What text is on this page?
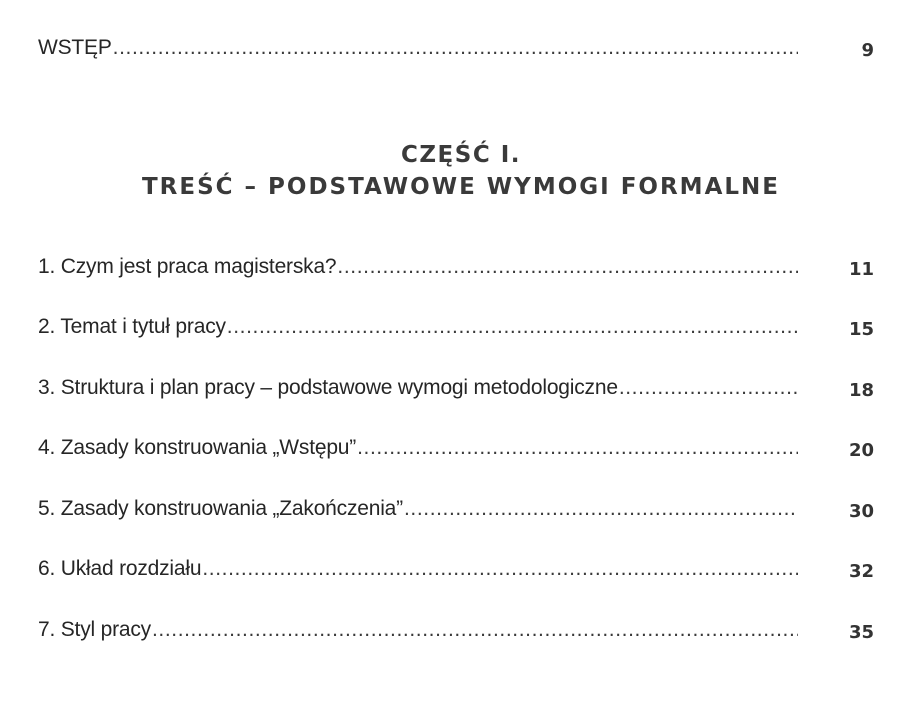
WSTĘP .....	9
CZĘŚĆ I.
TREŚĆ – PODSTAWOWE WYMOGI FORMALNE
1. Czym jest praca magisterska? .....	11
2. Temat i tytuł pracy .....	15
3. Struktura i plan pracy – podstawowe wymogi metodologiczne .....	18
4. Zasady konstruowania „Wstępu” .....	20
5. Zasady konstruowania „Zakończenia” .....	30
6. Układ rozdziału .....	32
7. Styl pracy .....	35
